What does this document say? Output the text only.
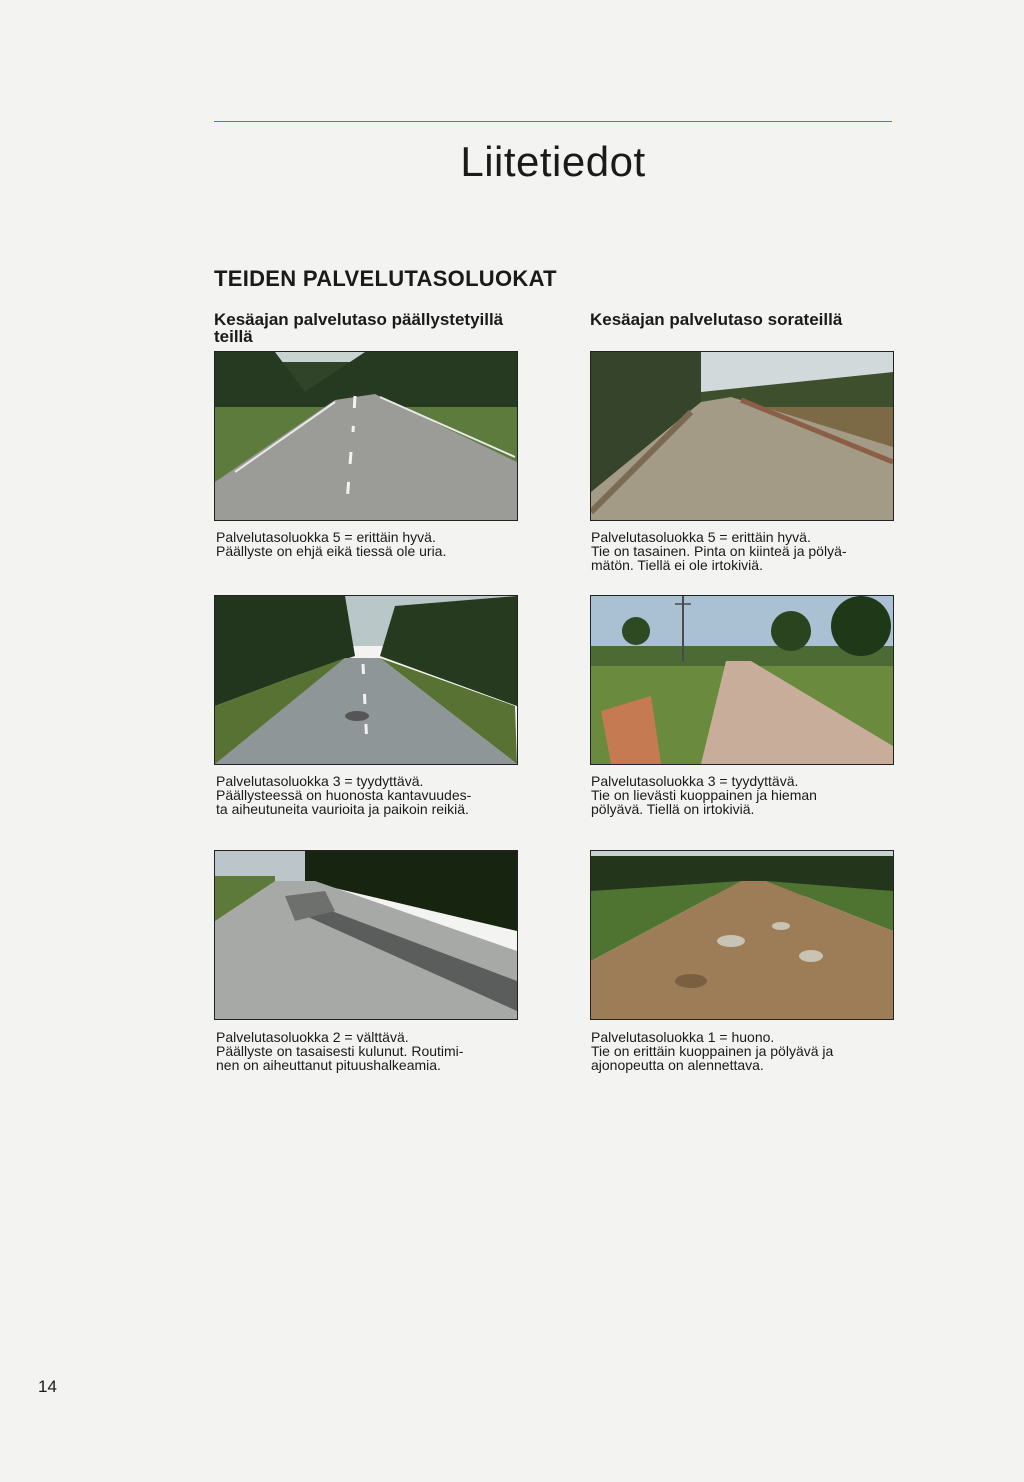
Liitetiedot
TEIDEN PALVELUTASOLUOKAT
Kesäajan palvelutaso päällystetyillä teillä
Kesäajan palvelutaso sorateillä
Palvelutasoluokka 5 = erittäin hyvä.
Päällyste on ehjä eikä tiessä ole uria.
Palvelutasoluokka 5 = erittäin hyvä.
Tie on tasainen. Pinta on kiinteä ja pölyä-
mätön. Tiellä ei ole irtokiviä.
Palvelutasoluokka 3 = tyydyttävä.
Päällysteessä on huonosta kantavuudes-
ta aiheutuneita vaurioita ja paikoin reikiä.
Palvelutasoluokka 3 = tyydyttävä.
Tie on lievästi kuoppainen ja hieman
pölyävä. Tiellä on irtokiviä.
Palvelutasoluokka 2 = välttävä.
Päällyste on tasaisesti kulunut. Routimi-
nen on aiheuttanut pituushalkeamia.
Palvelutasoluokka 1 = huono.
Tie on erittäin kuoppainen ja pölyävä ja
ajonopeutta on alennettava.
14
